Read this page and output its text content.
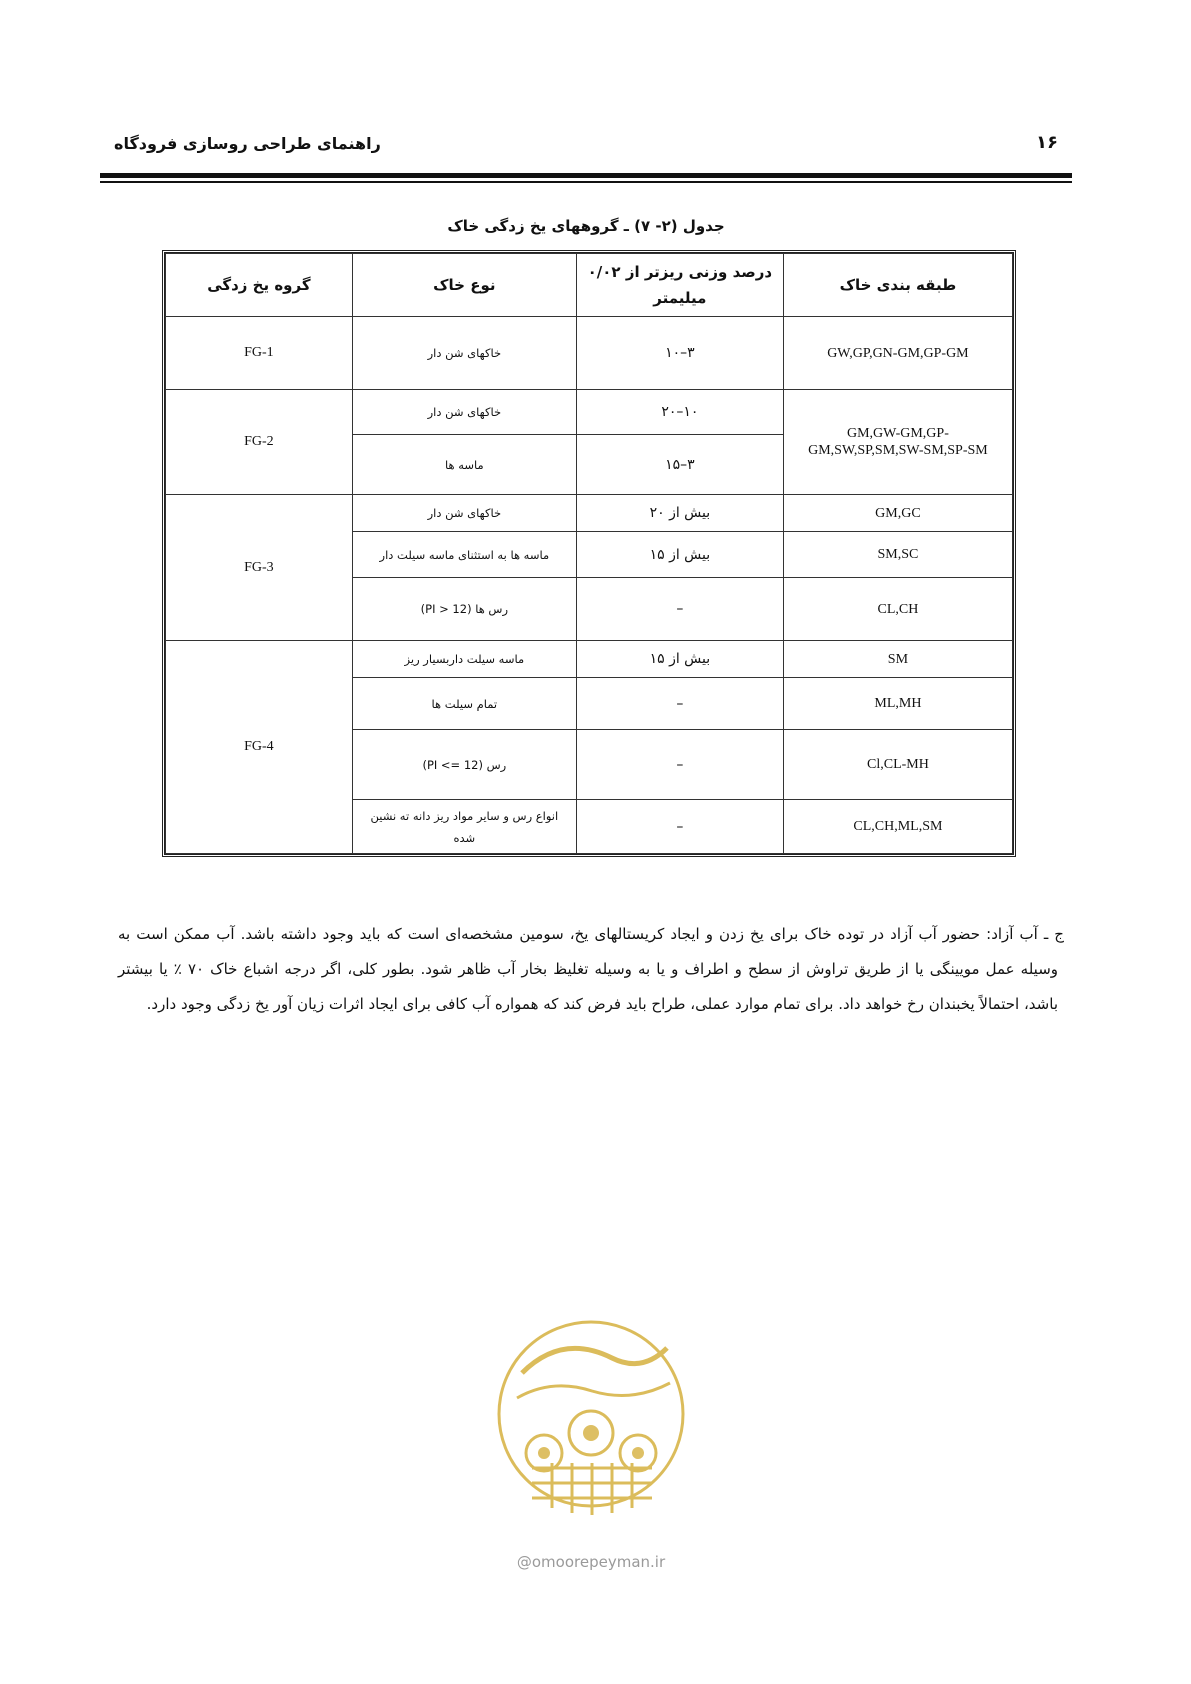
راهنمای طراحی روسازی فرودگاه	۱۶
جدول (۲- ۷) ـ گروههای یخ زدگی خاک
طبقه بندی خاک	درصد وزنی ریزتر از ۰/۰۲ میلیمتر	نوع خاک	گروه یخ زدگی
GW,GP,GN-GM,GP-GM	۳–۱۰	خاکهای شن دار	FG-1
GM,GW-GM,GP-GM,SW,SP,SM,SW-SM,SP-SM	۱۰–۲۰	خاکهای شن دار	FG-2
	۳–۱۵	ماسه ها	
GM,GC	بیش از ۲۰	خاکهای شن دار	FG-3
SM,SC	بیش از ۱۵	ماسه ها به استثنای ماسه سیلت دار	
CL,CH	–	رس ها (PI > 12)	
SM	بیش از ۱۵	ماسه سیلت داربسیار ریز	FG-4
ML,MH	–	تمام سیلت ها	
Cl,CL-MH	–	رس (PI <= 12)	
CL,CH,ML,SM	–	انواع رس و سایر مواد ریز دانه ته نشین شده	

ج ـ آب آزاد: حضور آب آزاد در توده خاک برای یخ زدن و ایجاد کریستالهای یخ، سومین مشخصه‌ای است که باید وجود داشته باشد. آب ممکن است به وسیله عمل مویینگی یا از طریق تراوش از سطح و اطراف و یا به وسیله تغلیظ بخار آب ظاهر شود. بطور کلی، اگر درجه اشباع خاک ۷۰ ٪ یا بیشتر باشد، احتمالاً یخبندان رخ خواهد داد. برای تمام موارد عملی، طراح باید فرض کند که همواره آب کافی برای ایجاد اثرات زیان آور یخ زدگی وجود دارد.

@omoorepeyman.ir
